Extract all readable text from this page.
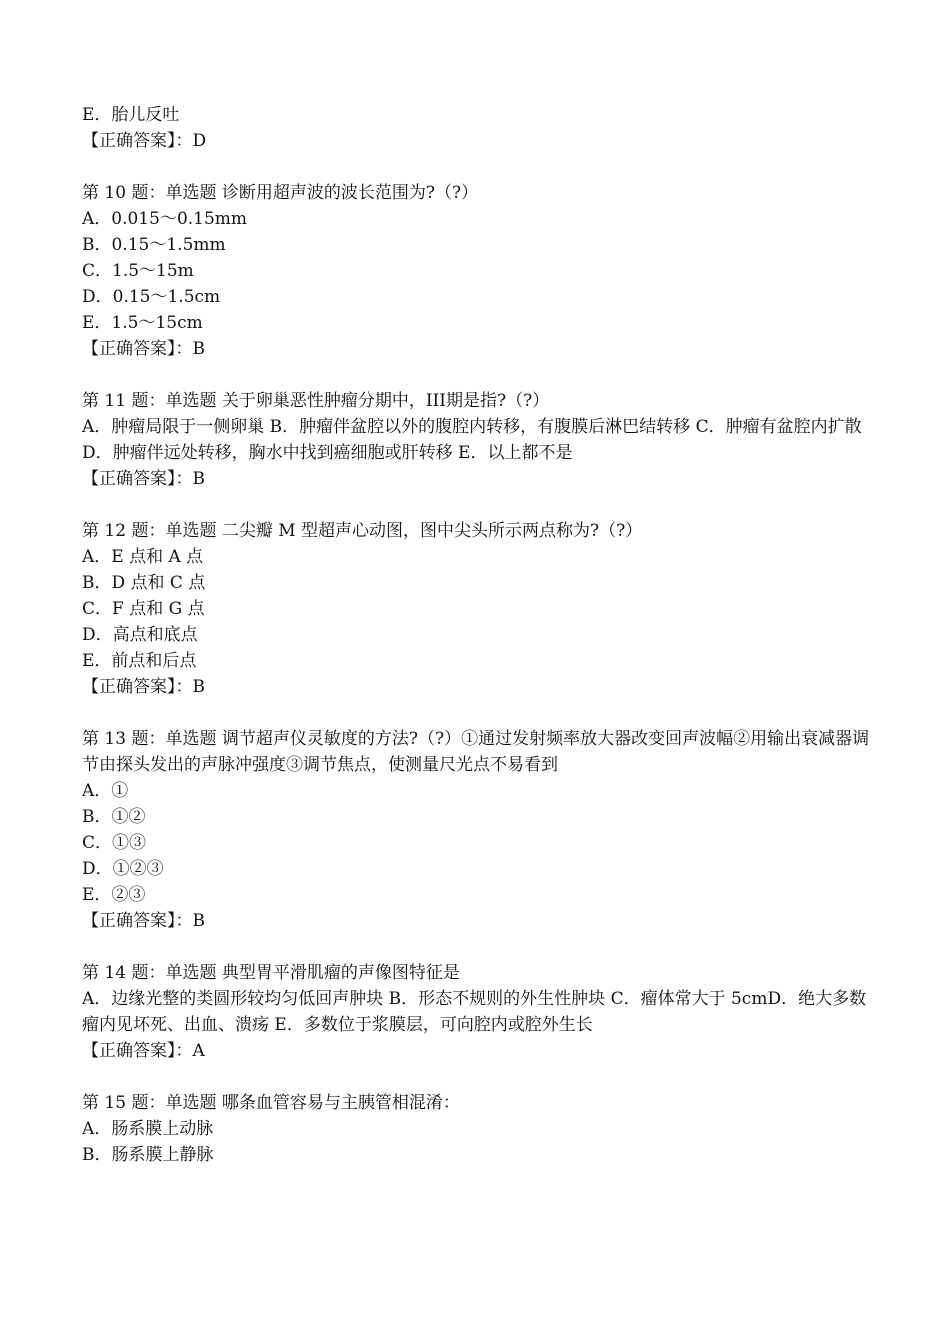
E．胎儿反吐
【正确答案】：D
第 10 题：单选题 诊断用超声波的波长范围为?（?）
A．0.015～0.15mm
B．0.15～1.5mm
C．1.5～15m
D．0.15～1.5cm
E．1.5～15cm
【正确答案】：B
第 11 题：单选题 关于卵巢恶性肿瘤分期中，III期是指?（?）
A．肿瘤局限于一侧卵巢 B．肿瘤伴盆腔以外的腹腔内转移，有腹膜后淋巴结转移 C．肿瘤有盆腔内扩散 D．肿瘤伴远处转移，胸水中找到癌细胞或肝转移 E．以上都不是
【正确答案】：B
第 12 题：单选题 二尖瓣 M 型超声心动图，图中尖头所示两点称为?（?）
A．E 点和 A 点
B．D 点和 C 点
C．F 点和 G 点
D．高点和底点
E．前点和后点
【正确答案】：B
第 13 题：单选题 调节超声仪灵敏度的方法?（?）①通过发射频率放大器改变回声波幅②用输出衰减器调节由探头发出的声脉冲强度③调节焦点，使测量尺光点不易看到
A．①
B．①②
C．①③
D．①②③
E．②③
【正确答案】：B
第 14 题：单选题 典型胃平滑肌瘤的声像图特征是
A．边缘光整的类圆形较均匀低回声肿块 B．形态不规则的外生性肿块 C．瘤体常大于 5cmD．绝大多数瘤内见坏死、出血、溃疡 E．多数位于浆膜层，可向腔内或腔外生长
【正确答案】：A
第 15 题：单选题 哪条血管容易与主胰管相混淆：
A．肠系膜上动脉
B．肠系膜上静脉
